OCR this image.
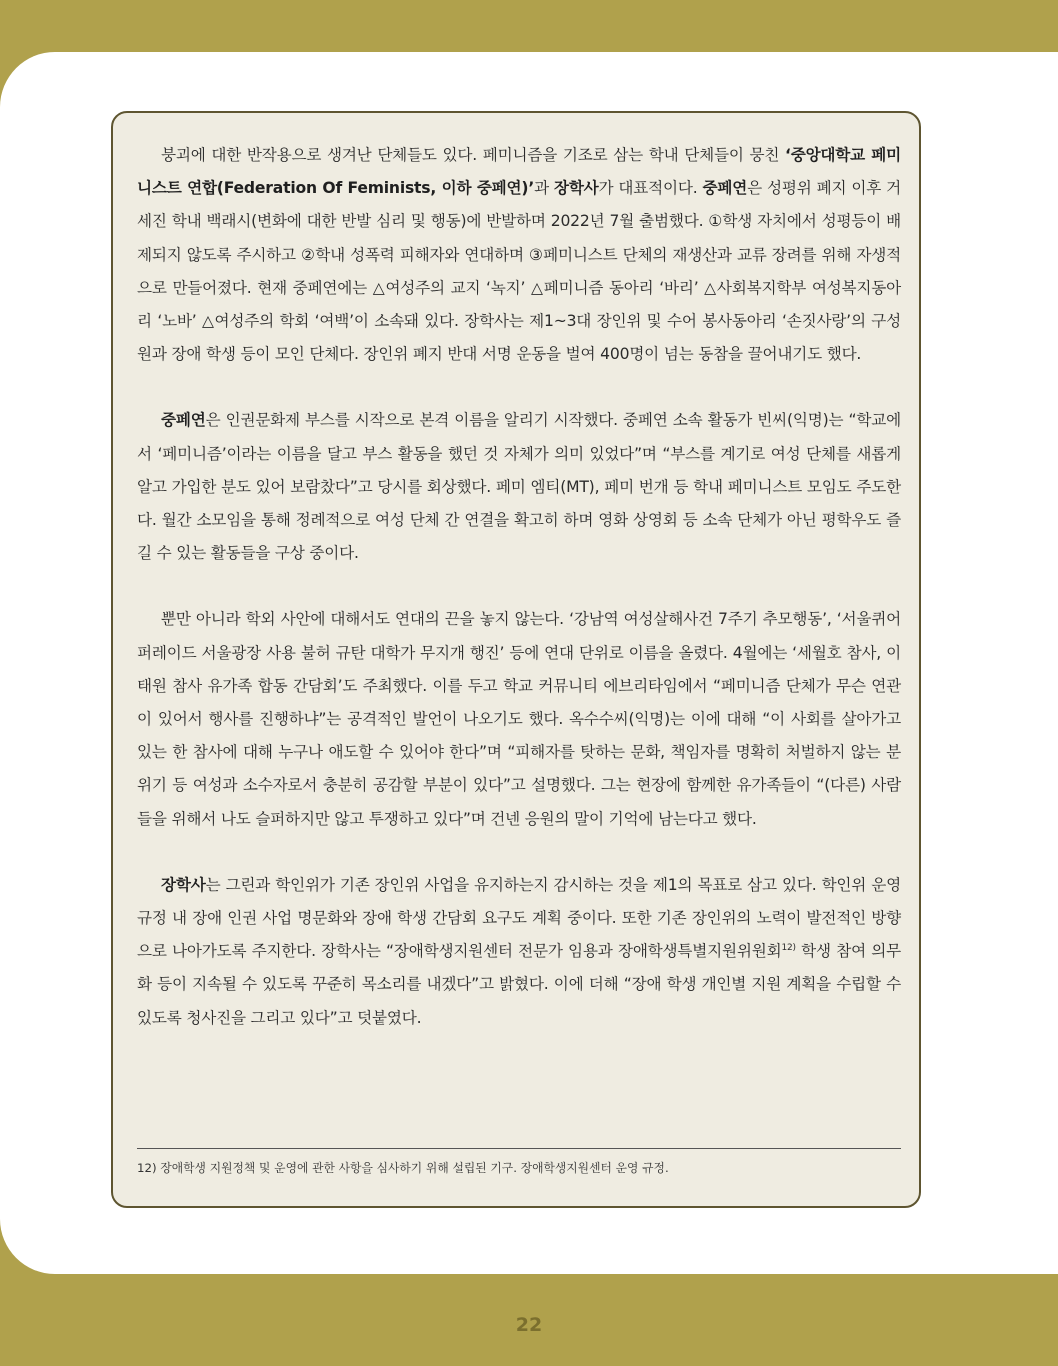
붕괴에 대한 반작용으로 생겨난 단체들도 있다. 페미니즘을 기조로 삼는 학내 단체들이 뭉친 ‘중앙대학교 페미니스트 연합(Federation Of Feminists, 이하 중페연)’과 장학사가 대표적이다. 중페연은 성평위 폐지 이후 거세진 학내 백래시(변화에 대한 반발 심리 및 행동)에 반발하며 2022년 7월 출범했다. ①학생 자치에서 성평등이 배제되지 않도록 주시하고 ②학내 성폭력 피해자와 연대하며 ③페미니스트 단체의 재생산과 교류 장려를 위해 자생적으로 만들어졌다. 현재 중페연에는 △여성주의 교지 ‘녹지’ △페미니즘 동아리 ‘바리’ △사회복지학부 여성복지동아리 ‘노바’ △여성주의 학회 ‘여백’이 소속돼 있다. 장학사는 제1~3대 장인위 및 수어 봉사동아리 ‘손짓사랑’의 구성원과 장애 학생 등이 모인 단체다. 장인위 폐지 반대 서명 운동을 벌여 400명이 넘는 동참을 끌어내기도 했다.

중페연은 인권문화제 부스를 시작으로 본격 이름을 알리기 시작했다. 중페연 소속 활동가 빈씨(익명)는 “학교에서 ‘페미니즘’이라는 이름을 달고 부스 활동을 했던 것 자체가 의미 있었다”며 “부스를 계기로 여성 단체를 새롭게 알고 가입한 분도 있어 보람찼다”고 당시를 회상했다. 페미 엠티(MT), 페미 번개 등 학내 페미니스트 모임도 주도한다. 월간 소모임을 통해 정례적으로 여성 단체 간 연결을 확고히 하며 영화 상영회 등 소속 단체가 아닌 평학우도 즐길 수 있는 활동들을 구상 중이다.

뿐만 아니라 학외 사안에 대해서도 연대의 끈을 놓지 않는다. ‘강남역 여성살해사건 7주기 추모행동’, ‘서울퀴어퍼레이드 서울광장 사용 불허 규탄 대학가 무지개 행진’ 등에 연대 단위로 이름을 올렸다. 4월에는 ‘세월호 참사, 이태원 참사 유가족 합동 간담회’도 주최했다. 이를 두고 학교 커뮤니티 에브리타임에서 “페미니즘 단체가 무슨 연관이 있어서 행사를 진행하냐”는 공격적인 발언이 나오기도 했다. 옥수수씨(익명)는 이에 대해 “이 사회를 살아가고 있는 한 참사에 대해 누구나 애도할 수 있어야 한다”며 “피해자를 탓하는 문화, 책임자를 명확히 처벌하지 않는 분위기 등 여성과 소수자로서 충분히 공감할 부분이 있다”고 설명했다. 그는 현장에 함께한 유가족들이 “(다른) 사람들을 위해서 나도 슬퍼하지만 않고 투쟁하고 있다”며 건넨 응원의 말이 기억에 남는다고 했다.

장학사는 그린과 학인위가 기존 장인위 사업을 유지하는지 감시하는 것을 제1의 목표로 삼고 있다. 학인위 운영 규정 내 장애 인권 사업 명문화와 장애 학생 간담회 요구도 계획 중이다. 또한 기존 장인위의 노력이 발전적인 방향으로 나아가도록 주지한다. 장학사는 “장애학생지원센터 전문가 임용과 장애학생특별지원위원회$^{12)}$ 학생 참여 의무화 등이 지속될 수 있도록 꾸준히 목소리를 내겠다”고 밝혔다. 이에 더해 “장애 학생 개인별 지원 계획을 수립할 수 있도록 청사진을 그리고 있다”고 덧붙였다.

12) 장애학생 지원정책 및 운영에 관한 사항을 심사하기 위해 설립된 기구. 장애학생지원센터 운영 규정.
22
